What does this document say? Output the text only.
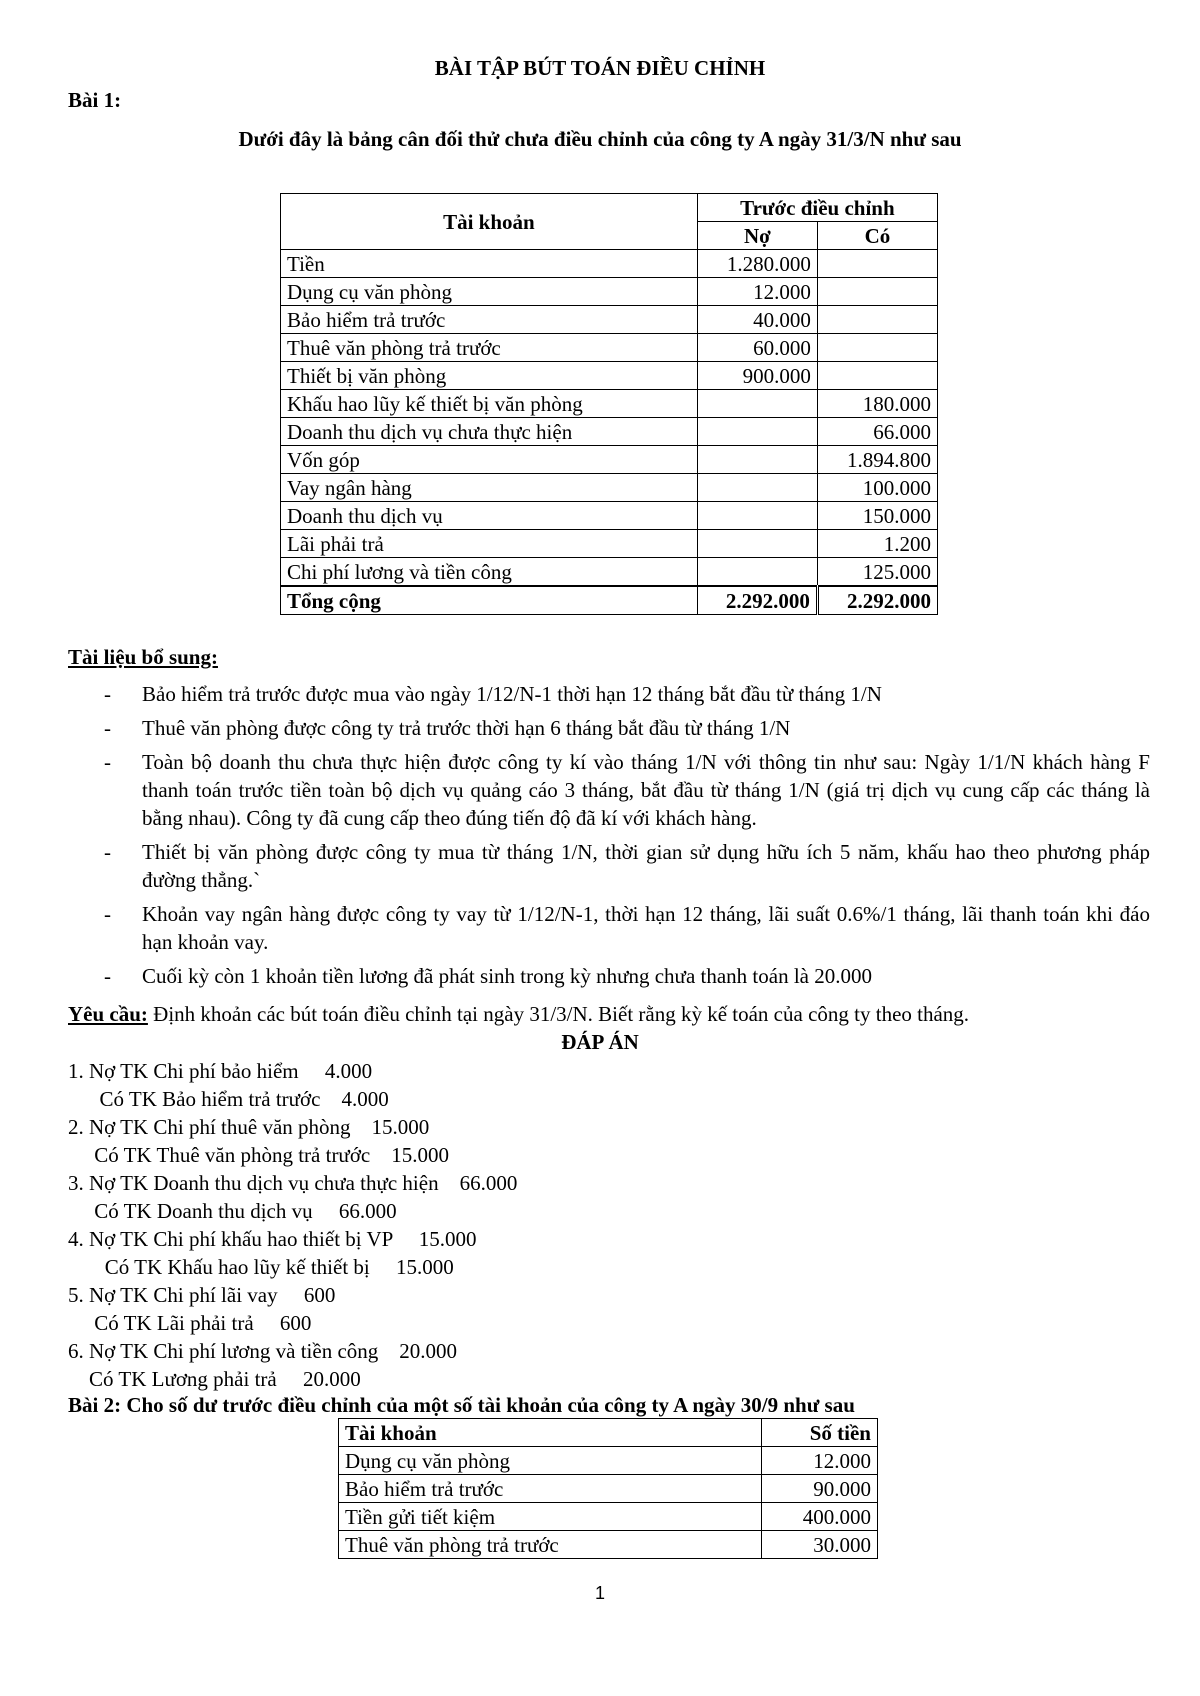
BÀI TẬP BÚT TOÁN ĐIỀU CHỈNH
Bài 1:
Dưới đây là bảng cân đối thử chưa điều chỉnh của công ty A ngày 31/3/N như sau
Tài khoản	Trước điều chỉnh	
	Nợ	Có
Tiền	1.280.000	
Dụng cụ văn phòng	12.000	
Bảo hiểm trả trước	40.000	
Thuê văn phòng trả trước	60.000	
Thiết bị văn phòng	900.000	
Khấu hao lũy kế thiết bị văn phòng		180.000
Doanh thu dịch vụ chưa thực hiện		66.000
Vốn góp		1.894.800
Vay ngân hàng		100.000
Doanh thu dịch vụ		150.000
Lãi phải trả		1.200
Chi phí lương và tiền công		125.000
Tổng cộng	2.292.000	2.292.000
Tài liệu bổ sung:
- Bảo hiểm trả trước được mua vào ngày 1/12/N-1 thời hạn 12 tháng bắt đầu từ tháng 1/N
- Thuê văn phòng được công ty trả trước thời hạn 6 tháng bắt đầu từ tháng 1/N
- Toàn bộ doanh thu chưa thực hiện được công ty kí vào tháng 1/N với thông tin như sau: Ngày 1/1/N khách hàng F thanh toán trước tiền toàn bộ dịch vụ quảng cáo 3 tháng, bắt đầu từ tháng 1/N (giá trị dịch vụ cung cấp các tháng là bằng nhau). Công ty đã cung cấp theo đúng tiến độ đã kí với khách hàng.
- Thiết bị văn phòng được công ty mua từ tháng 1/N, thời gian sử dụng hữu ích 5 năm, khấu hao theo phương pháp đường thẳng.`
- Khoản vay ngân hàng được công ty vay từ 1/12/N-1, thời hạn 12 tháng, lãi suất 0.6%/1 tháng, lãi thanh toán khi đáo hạn khoản vay.
- Cuối kỳ còn 1 khoản tiền lương đã phát sinh trong kỳ nhưng chưa thanh toán là 20.000
Yêu cầu: Định khoản các bút toán điều chỉnh tại ngày 31/3/N. Biết rằng kỳ kế toán của công ty theo tháng.
ĐÁP ÁN
1. Nợ TK Chi phí bảo hiểm     4.000
Có TK Bảo hiểm trả trước    4.000
2. Nợ TK Chi phí thuê văn phòng    15.000
Có TK Thuê văn phòng trả trước    15.000
3. Nợ TK Doanh thu dịch vụ chưa thực hiện    66.000
Có TK Doanh thu dịch vụ     66.000
4. Nợ TK Chi phí khấu hao thiết bị VP     15.000
Có TK Khấu hao lũy kế thiết bị     15.000
5. Nợ TK Chi phí lãi vay     600
Có TK Lãi phải trả     600
6. Nợ TK Chi phí lương và tiền công    20.000
Có TK Lương phải trả     20.000
Bài 2: Cho số dư trước điều chỉnh của một số tài khoản của công ty A ngày 30/9 như sau
Tài khoản	Số tiền
Dụng cụ văn phòng	12.000
Bảo hiểm trả trước	90.000
Tiền gửi tiết kiệm	400.000
Thuê văn phòng trả trước	30.000
1
